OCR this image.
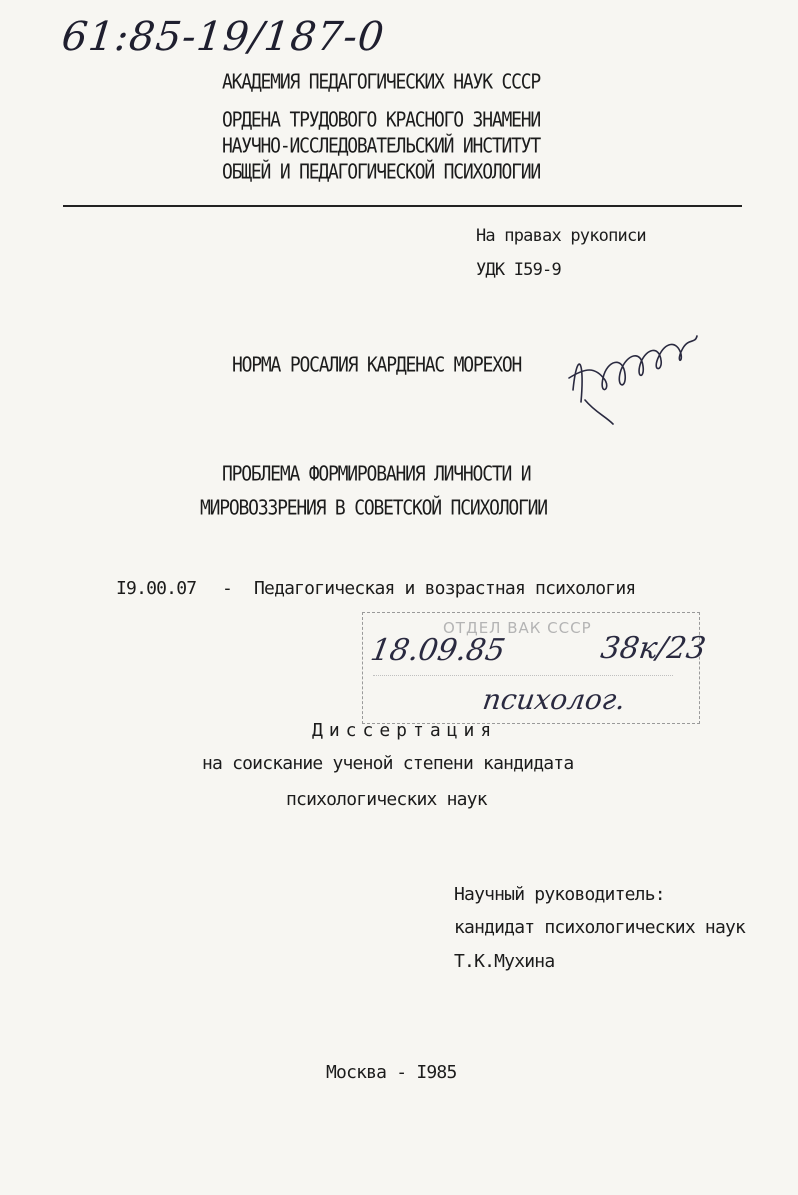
61:85-19/187-0
АКАДЕМИЯ ПЕДАГОГИЧЕСКИХ НАУК СССР
ОРДЕНА ТРУДОВОГО КРАСНОГО ЗНАМЕНИ
НАУЧНО-ИССЛЕДОВАТЕЛЬСКИЙ ИНСТИТУТ
ОБЩЕЙ И ПЕДАГОГИЧЕСКОЙ ПСИХОЛОГИИ
На правах рукописи
УДК I59-9
НОРМА РОСАЛИЯ КАРДЕНАС МОРЕХОН
ПРОБЛЕМА ФОРМИРОВАНИЯ ЛИЧНОСТИ И
МИРОВОЗЗРЕНИЯ В СОВЕТСКОЙ ПСИХОЛОГИИ
I9.00.07 - Педагогическая и возрастная психология
ОТДЕЛ ВАК СССР
18.09.85	38к/23
психолог.
Диссертация
на соискание ученой степени кандидата
психологических наук
Научный руководитель:
кандидат психологических наук
Т.К.Мухина
Москва - I985
